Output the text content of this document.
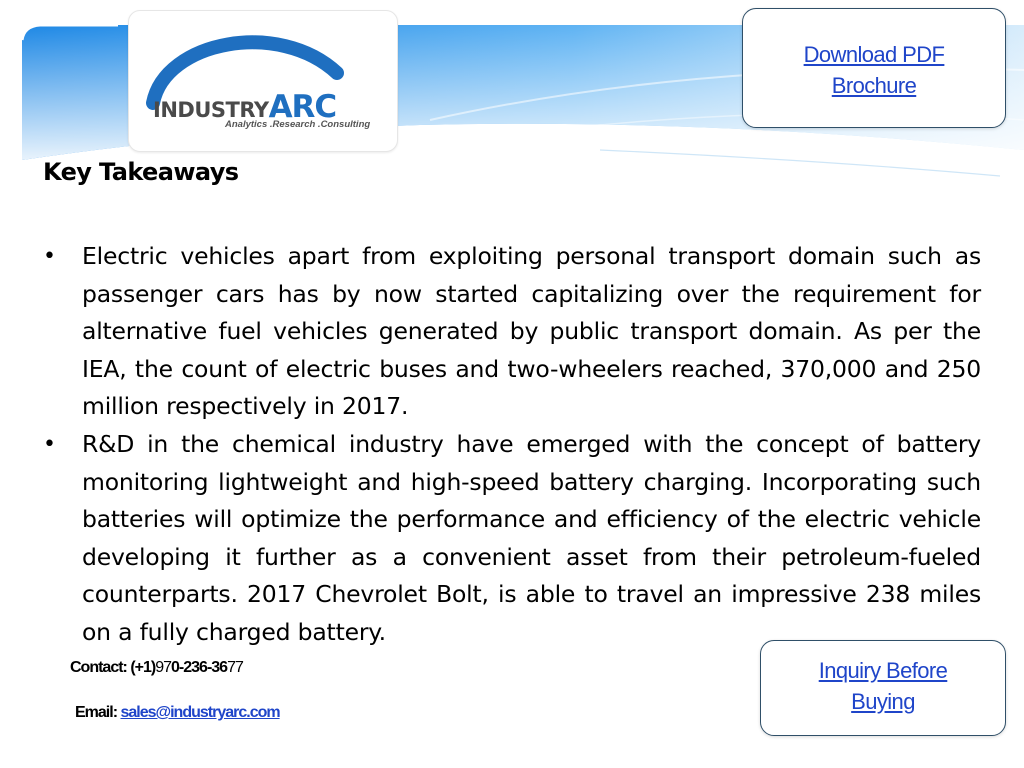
INDUSTRY ARC
Analytics .Research .Consulting
Download PDF
Brochure
Key Takeaways
• Electric vehicles apart from exploiting personal transport domain such as passenger cars has by now started capitalizing over the requirement for alternative fuel vehicles generated by public transport domain. As per the IEA, the count of electric buses and two-wheelers reached, 370,000 and 250 million respectively in 2017.
• R&D in the chemical industry have emerged with the concept of battery monitoring lightweight and high-speed battery charging. Incorporating such batteries will optimize the performance and efficiency of the electric vehicle developing it further as a convenient asset from their petroleum-fueled counterparts. 2017 Chevrolet Bolt, is able to travel an impressive 238 miles on a fully charged battery.
Contact: (+1)970-236-3677
Email: sales@industryarc.com
Inquiry Before
Buying
